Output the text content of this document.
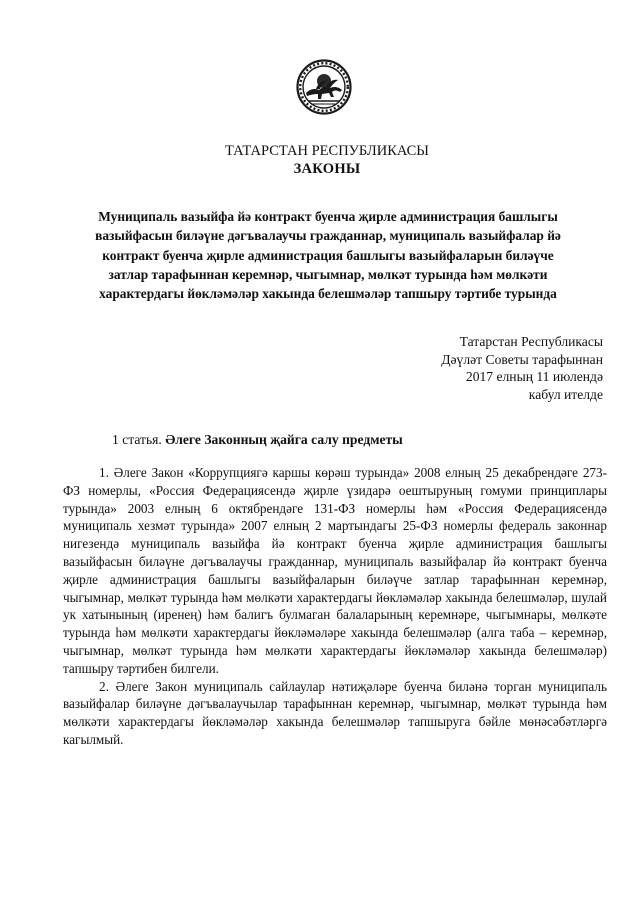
ТАТАРСТАН РЕСПУБЛИКАСЫ
ЗАКОНЫ
Муниципаль вазыйфа йә контракт буенча җирле администрация башлыгы
вазыйфасын биләүне дәгъвалаучы гражданнар, муниципаль вазыйфалар йә
контракт буенча җирле администрация башлыгы вазыйфаларын биләүче
затлар тарафыннан керемнәр, чыгымнар, мөлкәт турында һәм мөлкәти
характердагы йөкләмәләр хакында белешмәләр тапшыру тәртибе турында
Татарстан Республикасы
Дәүләт Советы тарафыннан
2017 елның 11 июлендә
кабул ителде
1 статья. Әлеге Законның җайга салу предметы

1. Әлеге Закон «Коррупциягә каршы көрәш турында» 2008 елның 25 декабрендәге 273-ФЗ номерлы, «Россия Федерациясендә җирле үзидарә оештыруның гомуми принциплары турында» 2003 елның 6 октябрендәге 131-ФЗ номерлы һәм «Россия Федерациясендә муниципаль хезмәт турында» 2007 елның 2 мартындагы 25-ФЗ номерлы федераль законнар нигезендә муниципаль вазыйфа йә контракт буенча җирле администрация башлыгы вазыйфасын биләүне дәгъвалаучы гражданнар, муниципаль вазыйфалар йә контракт буенча җирле администрация башлыгы вазыйфаларын биләүче затлар тарафыннан керемнәр, чыгымнар, мөлкәт турында һәм мөлкәти характердагы йөкләмәләр хакында белешмәләр, шулай ук хатынының (иренең) һәм балигъ булмаган балаларының керемнәре, чыгымнары, мөлкәте турында һәм мөлкәти характердагы йөкләмәләре хакында белешмәләр (алга таба – керемнәр, чыгымнар, мөлкәт турында һәм мөлкәти характердагы йөкләмәләр хакында белешмәләр) тапшыру тәртибен билгели.

2. Әлеге Закон муниципаль сайлаулар нәтиҗәләре буенча биләнә торган муниципаль вазыйфалар биләүне дәгъвалаучылар тарафыннан керемнәр, чыгымнар, мөлкәт турында һәм мөлкәти характердагы йөкләмәләр хакында белешмәләр тапшыруга бәйле мөнәсәбәтләргә кагылмый.
